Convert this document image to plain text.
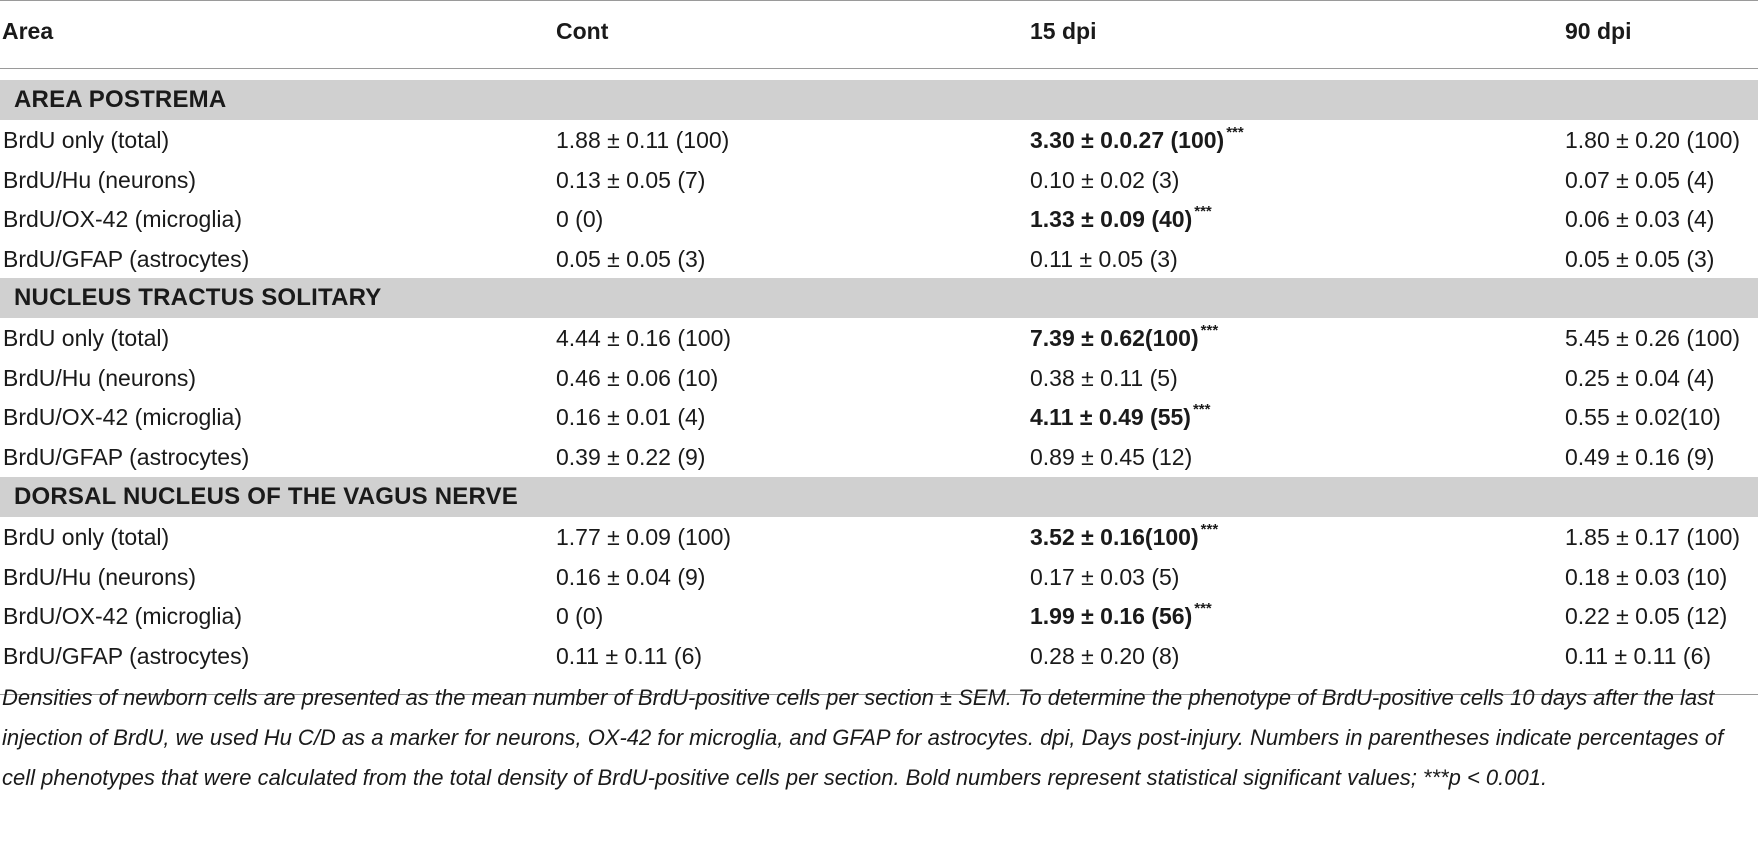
Area	Cont	15 dpi	90 dpi
AREA POSTREMA
BrdU only (total)	1.88 ± 0.11 (100)	3.30 ± 0.0.27 (100) ***	1.80 ± 0.20 (100)
BrdU/Hu (neurons)	0.13 ± 0.05 (7)	0.10 ± 0.02 (3)	0.07 ± 0.05 (4)
BrdU/OX-42 (microglia)	0 (0)	1.33 ± 0.09 (40) ***	0.06 ± 0.03 (4)
BrdU/GFAP (astrocytes)	0.05 ± 0.05 (3)	0.11 ± 0.05 (3)	0.05 ± 0.05 (3)
NUCLEUS TRACTUS SOLITARY
BrdU only (total)	4.44 ± 0.16 (100)	7.39 ± 0.62(100) ***	5.45 ± 0.26 (100)
BrdU/Hu (neurons)	0.46 ± 0.06 (10)	0.38 ± 0.11 (5)	0.25 ± 0.04 (4)
BrdU/OX-42 (microglia)	0.16 ± 0.01 (4)	4.11 ± 0.49 (55) ***	0.55 ± 0.02(10)
BrdU/GFAP (astrocytes)	0.39 ± 0.22 (9)	0.89 ± 0.45 (12)	0.49 ± 0.16 (9)
DORSAL NUCLEUS OF THE VAGUS NERVE
BrdU only (total)	1.77 ± 0.09 (100)	3.52 ± 0.16(100) ***	1.85 ± 0.17 (100)
BrdU/Hu (neurons)	0.16 ± 0.04 (9)	0.17 ± 0.03 (5)	0.18 ± 0.03 (10)
BrdU/OX-42 (microglia)	0 (0)	1.99 ± 0.16 (56) ***	0.22 ± 0.05 (12)
BrdU/GFAP (astrocytes)	0.11 ± 0.11 (6)	0.28 ± 0.20 (8)	0.11 ± 0.11 (6)
Densities of newborn cells are presented as the mean number of BrdU-positive cells per section ± SEM. To determine the phenotype of BrdU-positive cells 10 days after the last injection of BrdU, we used Hu C/D as a marker for neurons, OX-42 for microglia, and GFAP for astrocytes. dpi, Days post-injury. Numbers in parentheses indicate percentages of cell phenotypes that were calculated from the total density of BrdU-positive cells per section. Bold numbers represent statistical significant values; ***p < 0.001.
